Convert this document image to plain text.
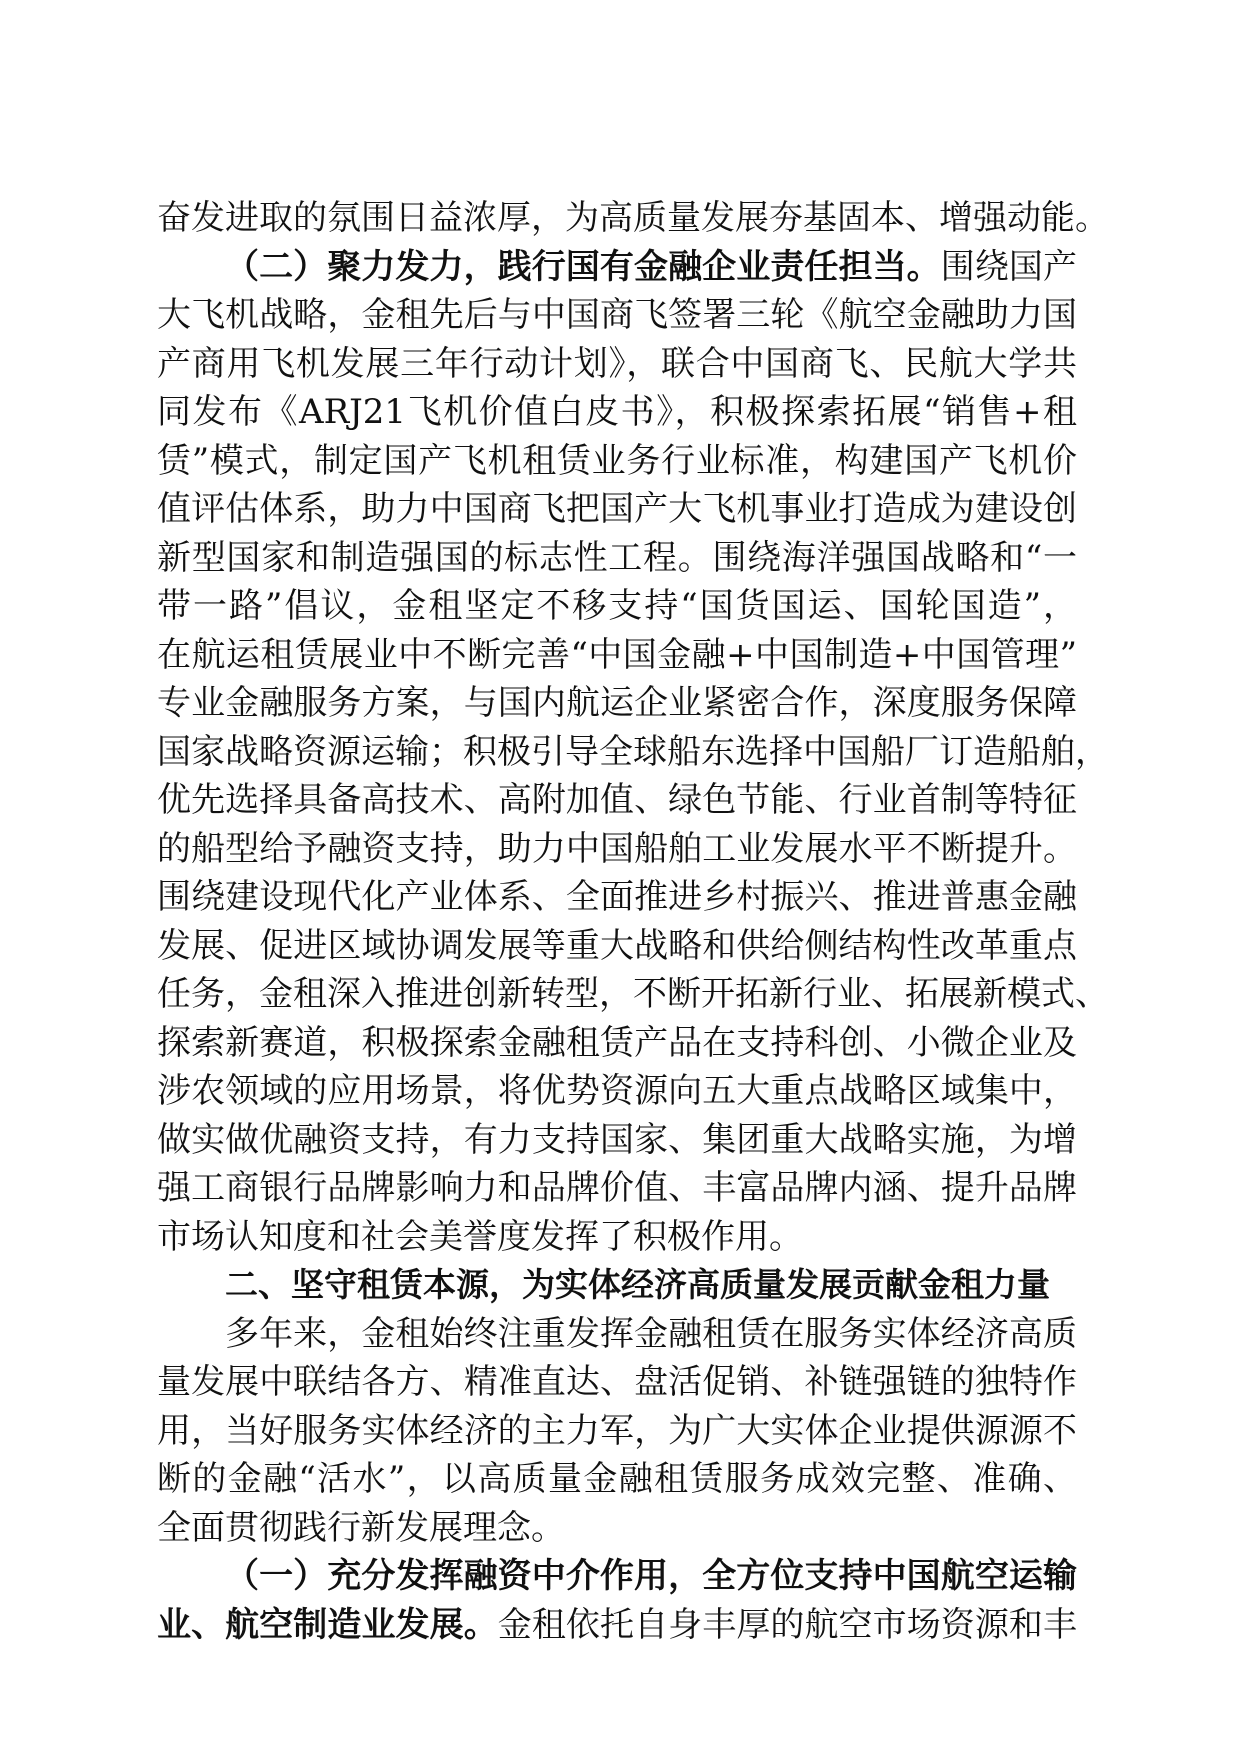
奋发进取的氛围日益浓厚，为高质量发展夯基固本、增强动能。
（二）聚力发力，践行国有金融企业责任担当。围绕国产
大飞机战略，金租先后与中国商飞签署三轮《航空金融助力国
产商用飞机发展三年行动计划》，联合中国商飞、民航大学共
同发布《ARJ21飞机价值白皮书》，积极探索拓展“销售+租
赁”模式，制定国产飞机租赁业务行业标准，构建国产飞机价
值评估体系，助力中国商飞把国产大飞机事业打造成为建设创
新型国家和制造强国的标志性工程。围绕海洋强国战略和“一
带一路”倡议，金租坚定不移支持“国货国运、国轮国造”，
在航运租赁展业中不断完善“中国金融+中国制造+中国管理”
专业金融服务方案，与国内航运企业紧密合作，深度服务保障
国家战略资源运输；积极引导全球船东选择中国船厂订造船舶，
优先选择具备高技术、高附加值、绿色节能、行业首制等特征
的船型给予融资支持，助力中国船舶工业发展水平不断提升。
围绕建设现代化产业体系、全面推进乡村振兴、推进普惠金融
发展、促进区域协调发展等重大战略和供给侧结构性改革重点
任务，金租深入推进创新转型，不断开拓新行业、拓展新模式、
探索新赛道，积极探索金融租赁产品在支持科创、小微企业及
涉农领域的应用场景，将优势资源向五大重点战略区域集中，
做实做优融资支持，有力支持国家、集团重大战略实施，为增
强工商银行品牌影响力和品牌价值、丰富品牌内涵、提升品牌
市场认知度和社会美誉度发挥了积极作用。
二、坚守租赁本源，为实体经济高质量发展贡献金租力量
多年来，金租始终注重发挥金融租赁在服务实体经济高质
量发展中联结各方、精准直达、盘活促销、补链强链的独特作
用，当好服务实体经济的主力军，为广大实体企业提供源源不
断的金融“活水”，以高质量金融租赁服务成效完整、准确、
全面贯彻践行新发展理念。
（一）充分发挥融资中介作用，全方位支持中国航空运输
业、航空制造业发展。金租依托自身丰厚的航空市场资源和丰
